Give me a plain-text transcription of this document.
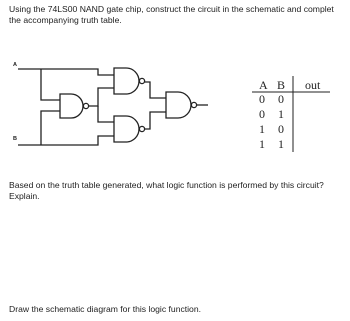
Using the 74LS00 NAND gate chip, construct the circuit in the schematic and complet
the accompanying truth table.
A
B
A B out
0 0
0 1
1 0
1 1
Based on the truth table generated, what logic function is performed by this circuit?
Explain.
Draw the schematic diagram for this logic function.
